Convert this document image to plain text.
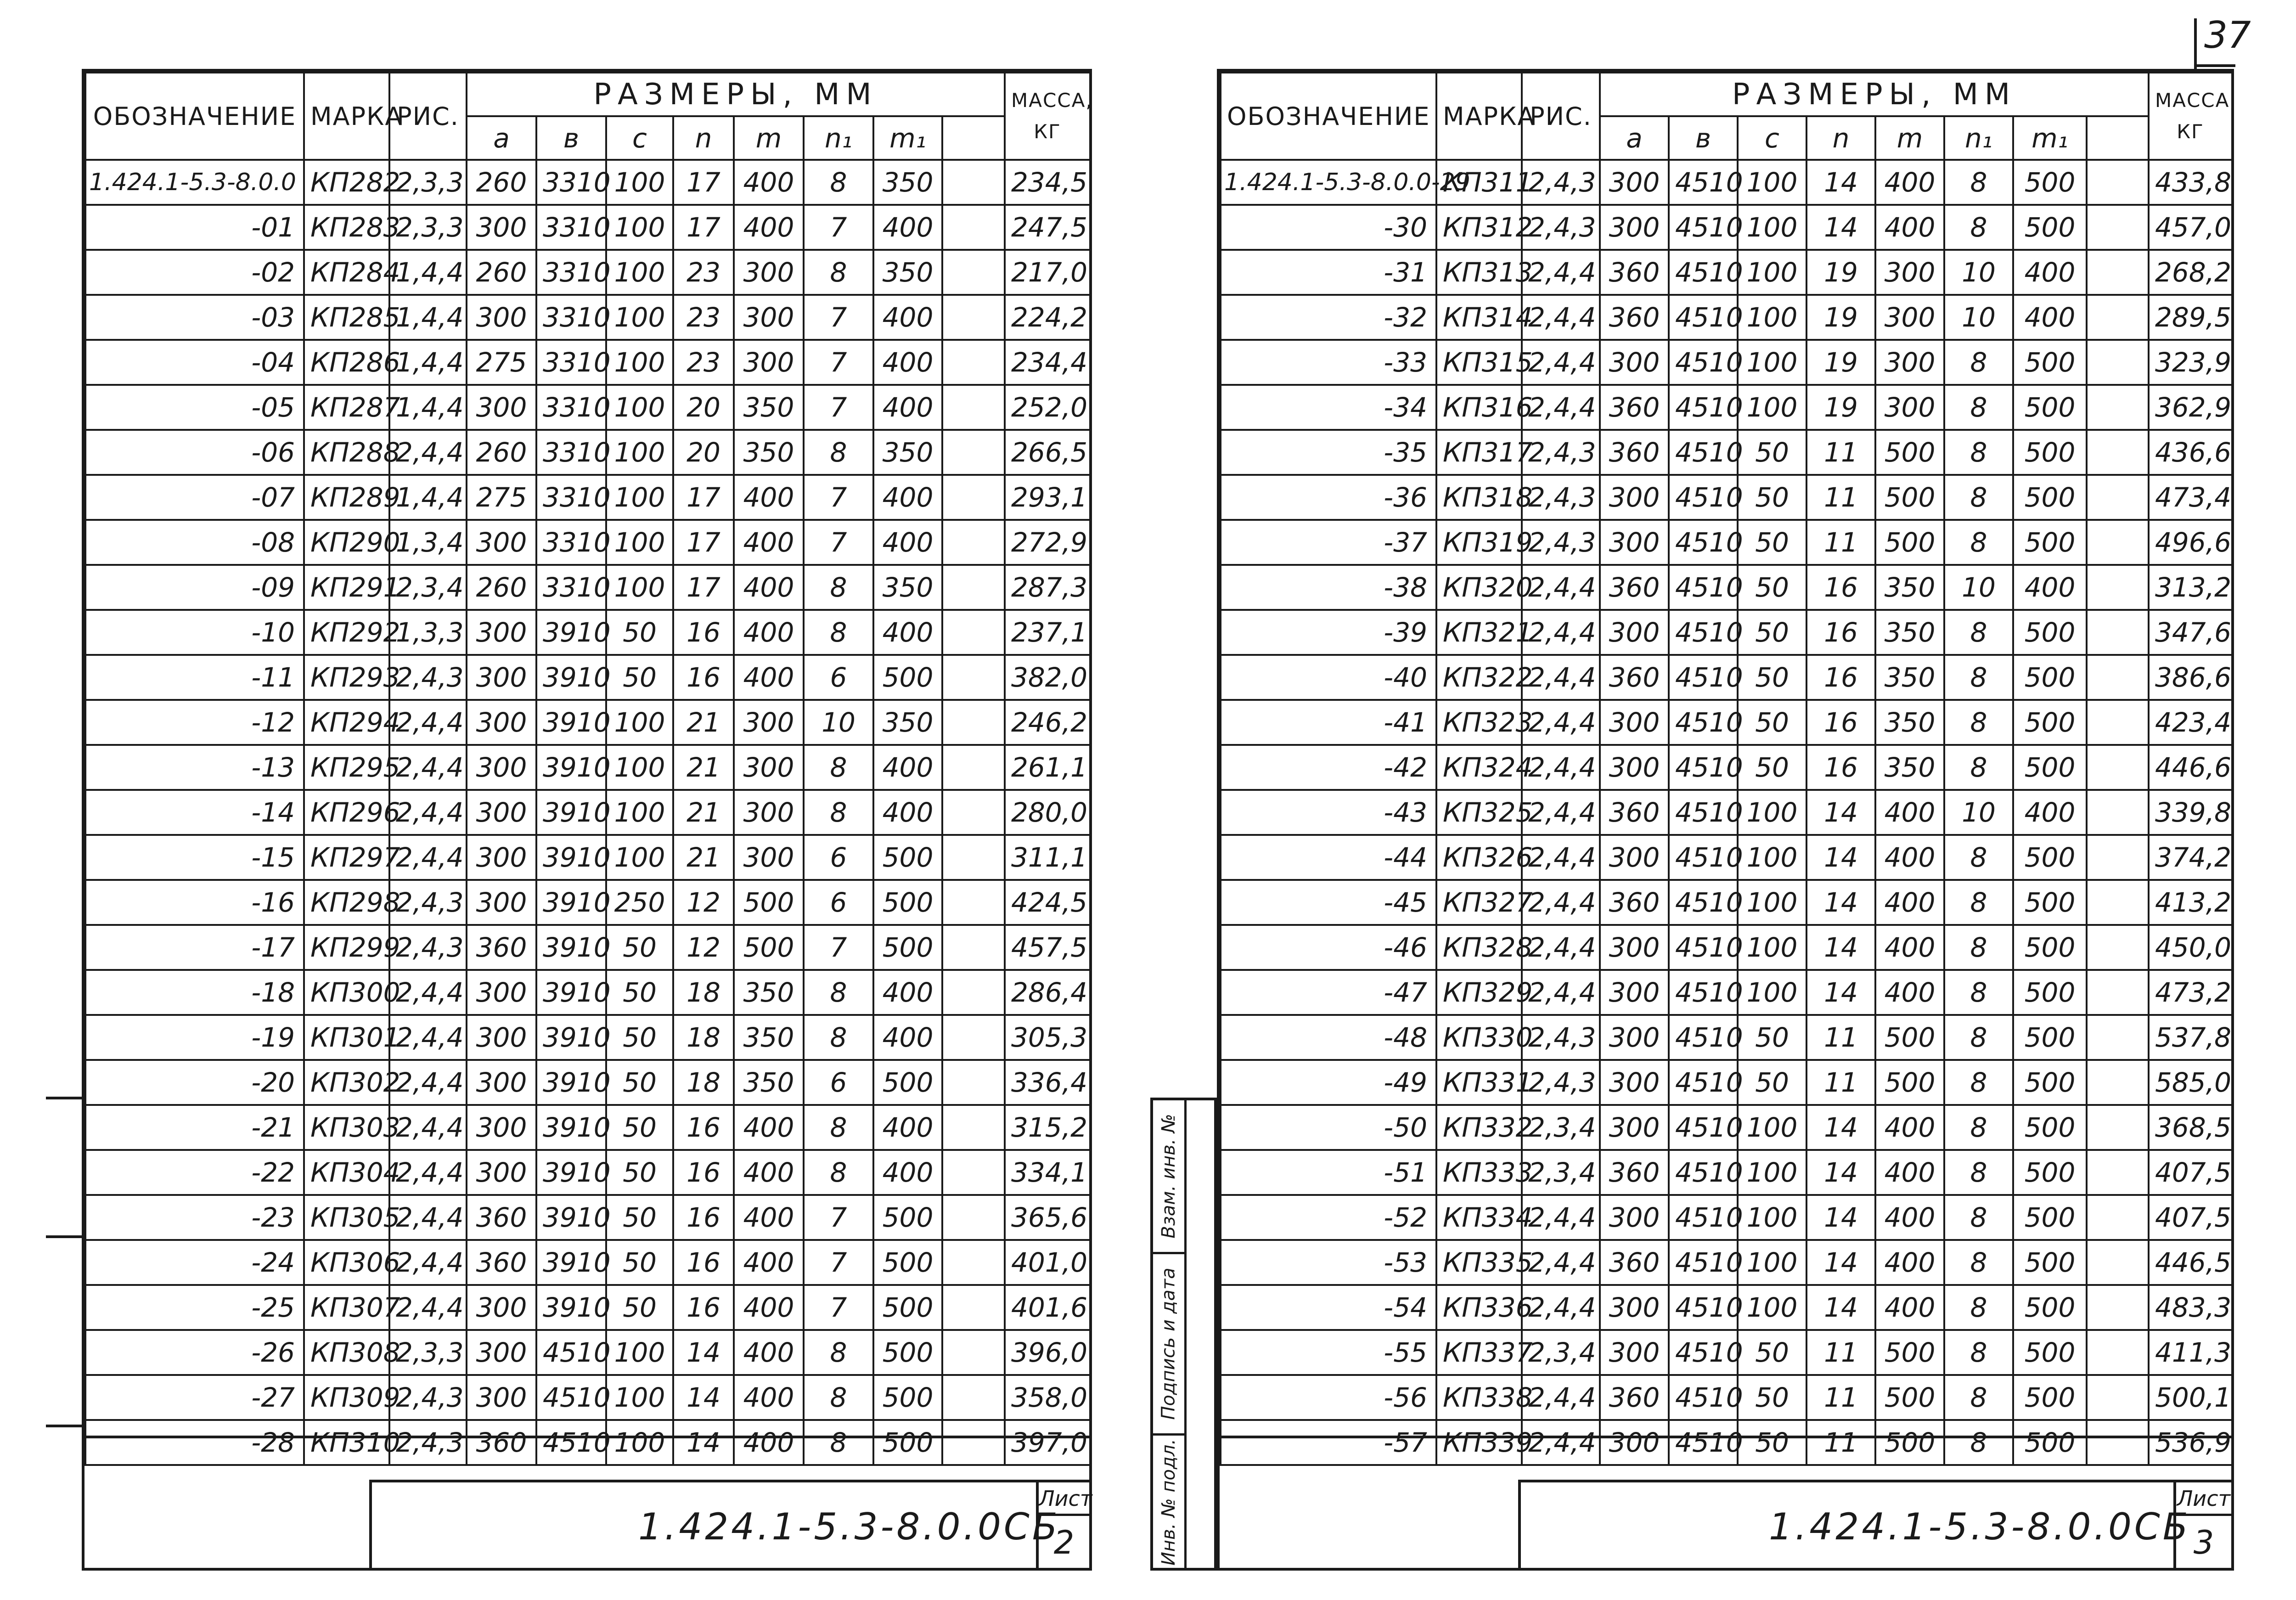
ОБОЗНАЧЕНИЕ	МАРКА	РИС.	РАЗМЕРЫ, ММ								МАССА, КГ
			a	в	c	n	m	n₁	m₁		
1.424.1-5.3-8.0.0	КП282	2,3,3	260	3310	100	17	400	8	350		234,5
-01	КП283	2,3,3	300	3310	100	17	400	7	400		247,5
-02	КП284	1,4,4	260	3310	100	23	300	8	350		217,0
-03	КП285	1,4,4	300	3310	100	23	300	7	400		224,2
-04	КП286	1,4,4	275	3310	100	23	300	7	400		234,4
-05	КП287	1,4,4	300	3310	100	20	350	7	400		252,0
-06	КП288	2,4,4	260	3310	100	20	350	8	350		266,5
-07	КП289	1,4,4	275	3310	100	17	400	7	400		293,1
-08	КП290	1,3,4	300	3310	100	17	400	7	400		272,9
-09	КП291	2,3,4	260	3310	100	17	400	8	350		287,3
-10	КП292	1,3,3	300	3910	50	16	400	8	400		237,1
-11	КП293	2,4,3	300	3910	50	16	400	6	500		382,0
-12	КП294	2,4,4	300	3910	100	21	300	10	350		246,2
-13	КП295	2,4,4	300	3910	100	21	300	8	400		261,1
-14	КП296	2,4,4	300	3910	100	21	300	8	400		280,0
-15	КП297	2,4,4	300	3910	100	21	300	6	500		311,1
-16	КП298	2,4,3	300	3910	250	12	500	6	500		424,5
-17	КП299	2,4,3	360	3910	50	12	500	7	500		457,5
-18	КП300	2,4,4	300	3910	50	18	350	8	400		286,4
-19	КП301	2,4,4	300	3910	50	18	350	8	400		305,3
-20	КП302	2,4,4	300	3910	50	18	350	6	500		336,4
-21	КП303	2,4,4	300	3910	50	16	400	8	400		315,2
-22	КП304	2,4,4	300	3910	50	16	400	8	400		334,1
-23	КП305	2,4,4	360	3910	50	16	400	7	500		365,6
-24	КП306	2,4,4	360	3910	50	16	400	7	500		401,0
-25	КП307	2,4,4	300	3910	50	16	400	7	500		401,6
-26	КП308	2,3,3	300	4510	100	14	400	8	500		396,0
-27	КП309	2,4,3	300	4510	100	14	400	8	500		358,0
-28	КП310	2,4,3	360	4510	100	14	400	8	500		397,0
1.424.1-5.3-8.0.0СБ
Лист
2
ОБОЗНАЧЕНИЕ	МАРКА	РИС.	РАЗМЕРЫ, ММ								МАССА, КГ
			a	в	c	n	m	n₁	m₁		
1.424.1-5.3-8.0.0-29	КП311	2,4,3	300	4510	100	14	400	8	500		433,8
-30	КП312	2,4,3	300	4510	100	14	400	8	500		457,0
-31	КП313	2,4,4	360	4510	100	19	300	10	400		268,2
-32	КП314	2,4,4	360	4510	100	19	300	10	400		289,5
-33	КП315	2,4,4	300	4510	100	19	300	8	500		323,9
-34	КП316	2,4,4	360	4510	100	19	300	8	500		362,9
-35	КП317	2,4,3	360	4510	50	11	500	8	500		436,6
-36	КП318	2,4,3	300	4510	50	11	500	8	500		473,4
-37	КП319	2,4,3	300	4510	50	11	500	8	500		496,6
-38	КП320	2,4,4	360	4510	50	16	350	10	400		313,2
-39	КП321	2,4,4	300	4510	50	16	350	8	500		347,6
-40	КП322	2,4,4	360	4510	50	16	350	8	500		386,6
-41	КП323	2,4,4	300	4510	50	16	350	8	500		423,4
-42	КП324	2,4,4	300	4510	50	16	350	8	500		446,6
-43	КП325	2,4,4	360	4510	100	14	400	10	400		339,8
-44	КП326	2,4,4	300	4510	100	14	400	8	500		374,2
-45	КП327	2,4,4	360	4510	100	14	400	8	500		413,2
-46	КП328	2,4,4	300	4510	100	14	400	8	500		450,0
-47	КП329	2,4,4	300	4510	100	14	400	8	500		473,2
-48	КП330	2,4,3	300	4510	50	11	500	8	500		537,8
-49	КП331	2,4,3	300	4510	50	11	500	8	500		585,0
-50	КП332	2,3,4	300	4510	100	14	400	8	500		368,5
-51	КП333	2,3,4	360	4510	100	14	400	8	500		407,5
-52	КП334	2,4,4	300	4510	100	14	400	8	500		407,5
-53	КП335	2,4,4	360	4510	100	14	400	8	500		446,5
-54	КП336	2,4,4	300	4510	100	14	400	8	500		483,3
-55	КП337	2,3,4	300	4510	50	11	500	8	500		411,3
-56	КП338	2,4,4	360	4510	50	11	500	8	500		500,1
-57	КП339	2,4,4	300	4510	50	11	500	8	500		536,9
1.424.1-5.3-8.0.0СБ
Лист
3
Взам. инв. №
Подпись и дата
Инв. № подл.
37
